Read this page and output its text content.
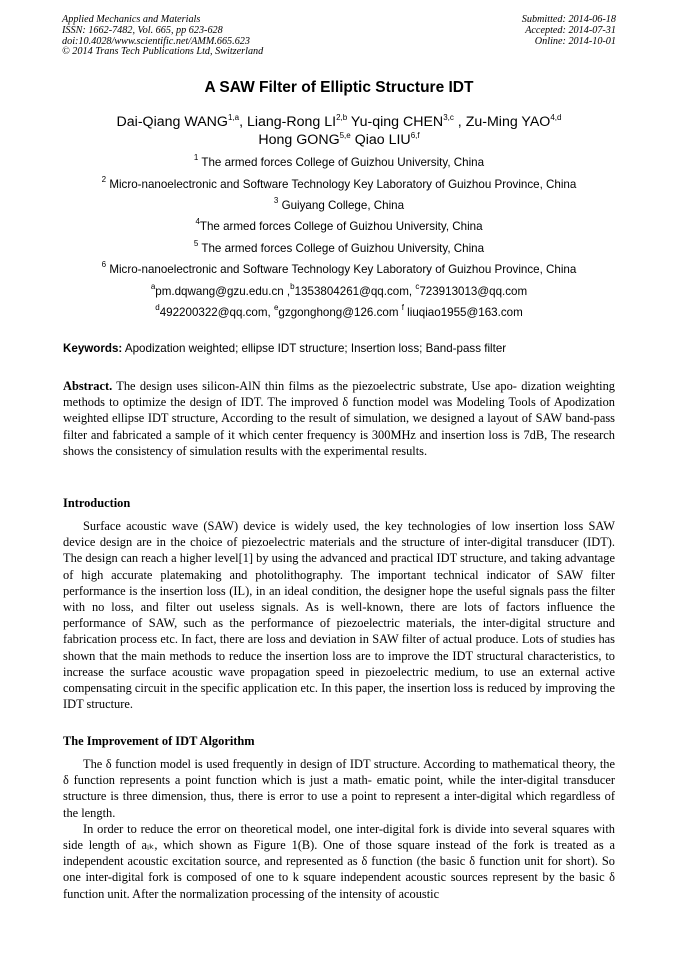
Applied Mechanics and Materials
ISSN: 1662-7482, Vol. 665, pp 623-628
doi:10.4028/www.scientific.net/AMM.665.623
© 2014 Trans Tech Publications Ltd, Switzerland
Submitted: 2014-06-18
Accepted: 2014-07-31
Online: 2014-10-01
A SAW Filter of Elliptic Structure IDT
Dai-Qiang WANG$^{1,a}$, Liang-Rong LI$^{2,b}$ Yu-qing CHEN$^{3,c}$ , Zu-Ming YAO$^{4,d}$
Hong GONG$^{5,e}$ Qiao LIU$^{6,f}$
$^1$ The armed forces College of Guizhou University, China
$^2$ Micro-nanoelectronic and Software Technology Key Laboratory of Guizhou Province, China
$^3$ Guiyang College, China
$^4$The armed forces College of Guizhou University, China
$^5$ The armed forces College of Guizhou University, China
$^6$ Micro-nanoelectronic and Software Technology Key Laboratory of Guizhou Province, China
$^a$pm.dqwang@gzu.edu.cn ,$^b$1353804261@qq.com, $^c$723913013@qq.com
$^d$492200322@qq.com, $^e$gzgonghong@126.com $^f$ liuqiao1955@163.com
Keywords: Apodization weighted; ellipse IDT structure; Insertion loss; Band-pass filter

Abstract. The design uses silicon-AlN thin films as the piezoelectric substrate, Use apo- dization weighting methods to optimize the design of IDT. The improved δ function model was Modeling Tools of Apodization weighted ellipse IDT structure, According to the result of simulation, we designed a layout of SAW band-pass filter and fabricated a sample of it which center frequency is 300MHz and insertion loss is 7dB, The research shows the consistency of simulation results with the experimental results.

Introduction

Surface acoustic wave (SAW) device is widely used, the key technologies of low insertion loss SAW device design are in the choice of piezoelectric materials and the structure of inter-digital transducer (IDT). The design can reach a higher level[1] by using the advanced and practical IDT structure, and taking advantage of high accurate platemaking and photolithography. The important technical indicator of SAW filter performance is the insertion loss (IL), in an ideal condition, the designer hope the useful signals pass the filter with no loss, and filter out useless signals. As is well-known, there are lots of factors influence the performance of SAW, such as the performance of piezoelectric materials, the inter-digital structure and fabrication process etc. In fact, there are loss and deviation in SAW filter of actual produce. Lots of studies has shown that the main methods to reduce the insertion loss are to improve the IDT structural characteristics, to increase the surface acoustic wave propagation speed in piezoelectric medium, to use an external active compensating circuit in the specific application etc. In this paper, the insertion loss is reduced by improving the IDT structure.

The Improvement of IDT Algorithm

The δ function model is used frequently in design of IDT structure. According to mathematical theory, the δ function represents a point function which is just a math- ematic point, while the inter-digital transducer structure is three dimension, thus, there is error to use a point to represent a inter-digital which regardless of the length.

In order to reduce the error on theoretical model, one inter-digital fork is divide into several squares with side length of aᵢₖ, which shown as Figure 1(B). One of those square instead of the fork is treated as a independent acoustic excitation source, and represented as δ function (the basic δ function unit for short). So one inter-digital fork is composed of one to k square independent acoustic sources represent by the basic δ function unit. After the normalization processing of the intensity of acoustic
